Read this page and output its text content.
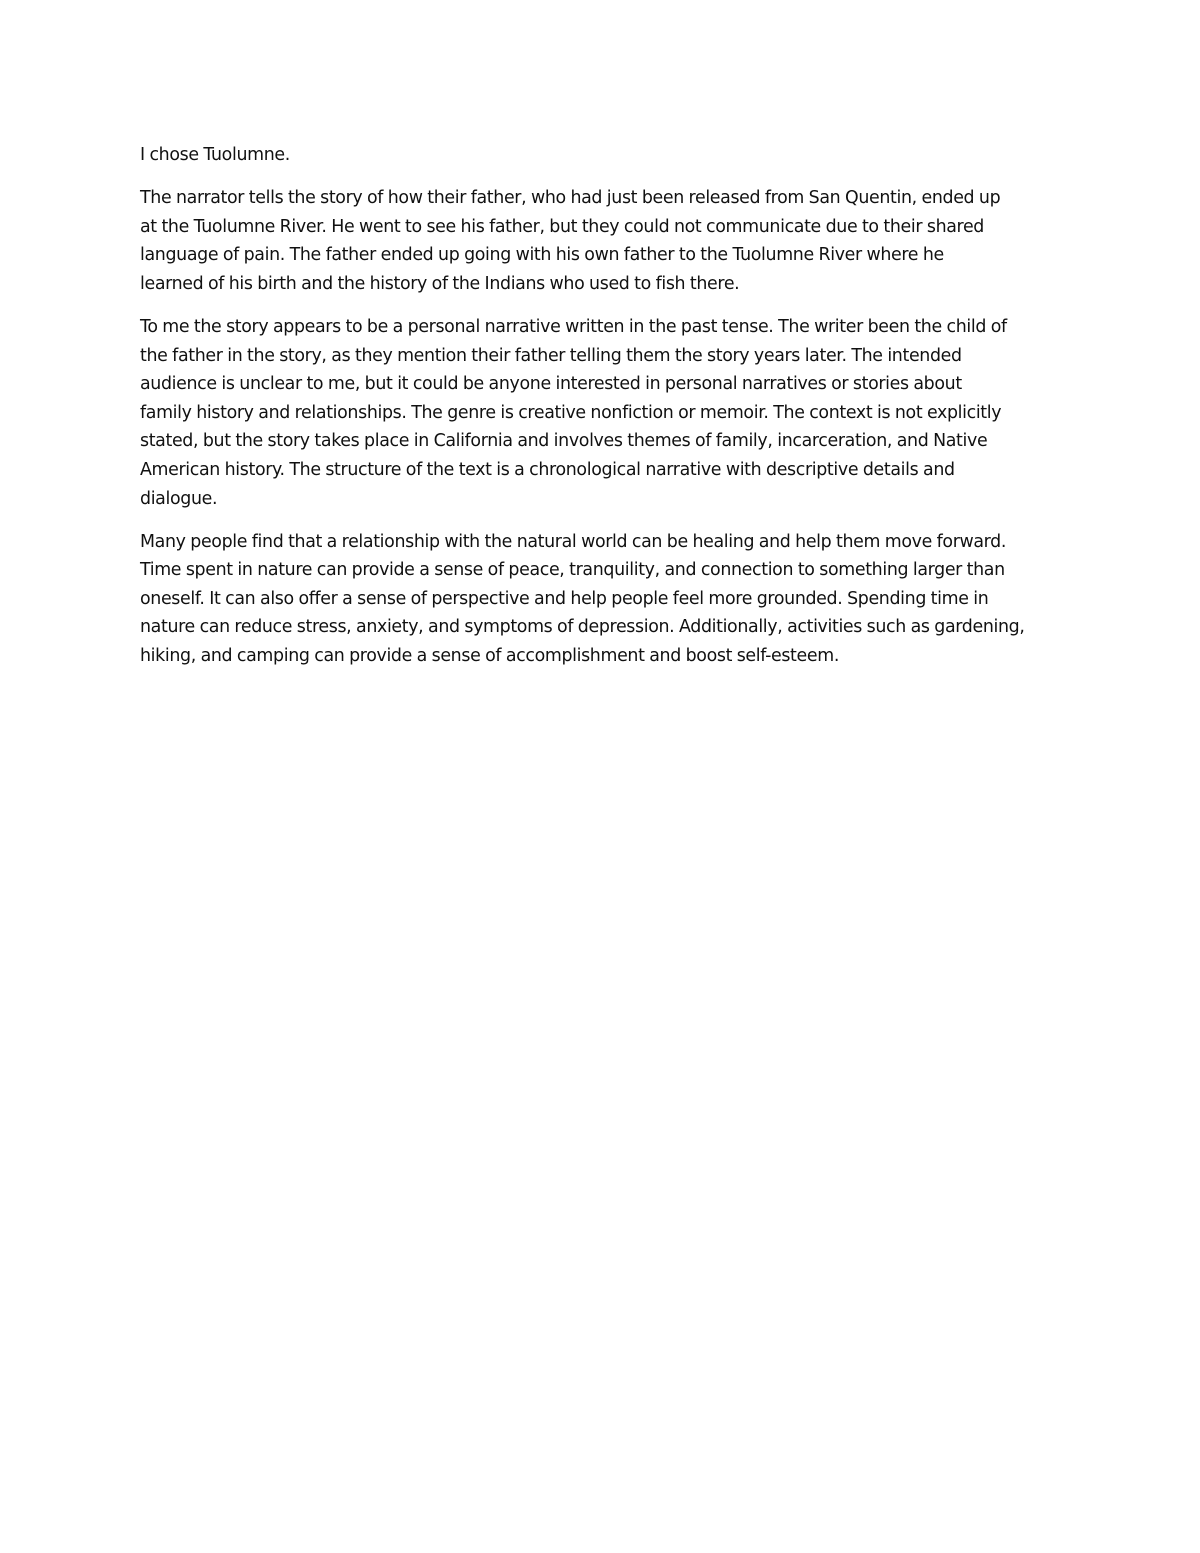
I chose Tuolumne.

The narrator tells the story of how their father, who had just been released from San Quentin, ended up
at the Tuolumne River. He went to see his father, but they could not communicate due to their shared
language of pain. The father ended up going with his own father to the Tuolumne River where he
learned of his birth and the history of the Indians who used to fish there.

To me the story appears to be a personal narrative written in the past tense. The writer been the child of
the father in the story, as they mention their father telling them the story years later. The intended
audience is unclear to me, but it could be anyone interested in personal narratives or stories about
family history and relationships. The genre is creative nonfiction or memoir. The context is not explicitly
stated, but the story takes place in California and involves themes of family, incarceration, and Native
American history. The structure of the text is a chronological narrative with descriptive details and
dialogue.

Many people find that a relationship with the natural world can be healing and help them move forward.
Time spent in nature can provide a sense of peace, tranquility, and connection to something larger than
oneself. It can also offer a sense of perspective and help people feel more grounded. Spending time in
nature can reduce stress, anxiety, and symptoms of depression. Additionally, activities such as gardening,
hiking, and camping can provide a sense of accomplishment and boost self-esteem.
